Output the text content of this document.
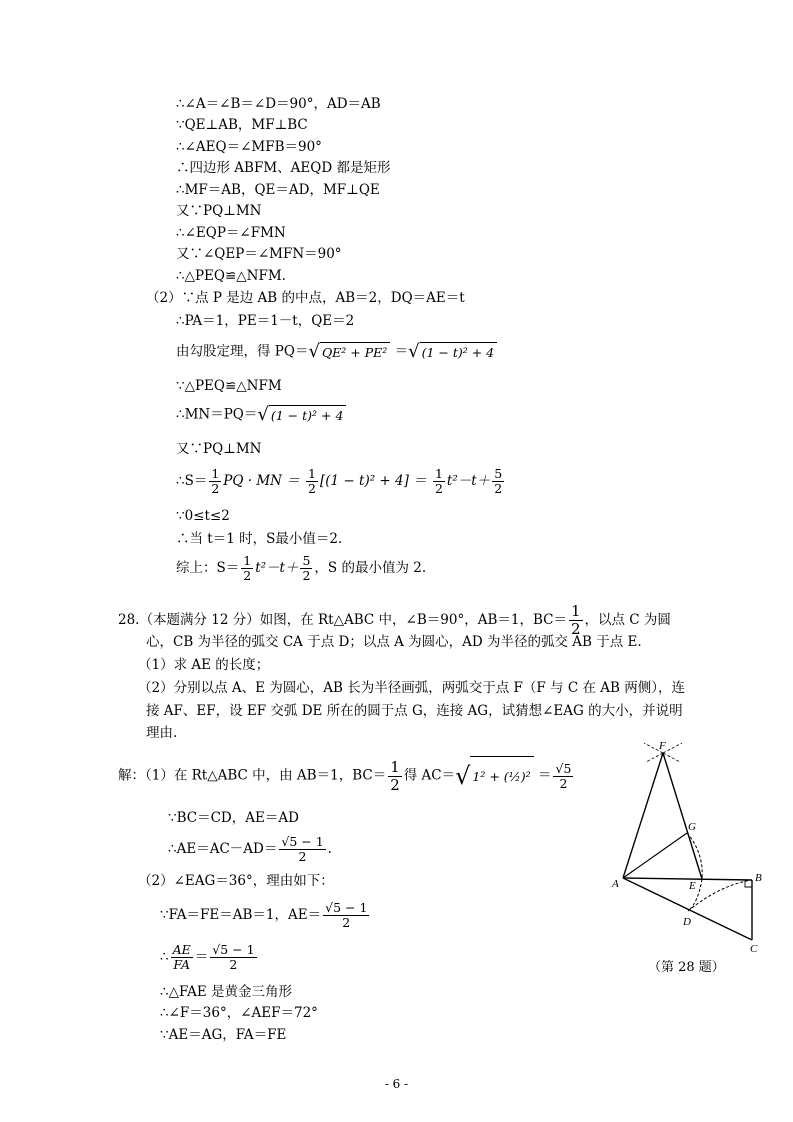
∴∠A＝∠B＝∠D＝90°，AD＝AB
∵QE⊥AB，MF⊥BC
∴∠AEQ＝∠MFB＝90°
∴四边形 ABFM、AEQD 都是矩形
∴MF＝AB，QE＝AD，MF⊥QE
又∵PQ⊥MN
∴∠EQP＝∠FMN
又∵∠QEP＝∠MFN＝90°
∴△PEQ≌△NFM.
（2）∵点 P 是边 AB 的中点，AB＝2，DQ＝AE＝t
∴PA＝1，PE＝1－t，QE＝2
由勾股定理，得 PQ＝√ QE² + PE² ＝√ (1 − t)² + 4
∵△PEQ≌△NFM
∴MN＝PQ＝√ (1 − t)² + 4
又∵PQ⊥MN
∴S＝ $\frac{1}{2}$ PQ · MN ＝ $\frac{1}{2} [(1 - t)^2 + 4] = \frac{1}{2} t^2-t+ \frac{5}{2}$
∵0≤t≤2
∴当 t＝1 时，S最小值＝2.
综上：$S= \frac{1}{2} t^2-t+ \frac{5}{2}$ ，S 的最小值为 2.
28.（本题满分 12 分）如图，在 Rt△ABC 中，∠B＝90°，AB＝1，$BC= \frac{1}{2}$ ，以点 C 为圆
心，CB 为半径的弧交 CA 于点 D；以点 A 为圆心，AD 为半径的弧交 AB 于点 E.
（1）求 AE 的长度；
（2）分别以点 A、E 为圆心，AB 长为半径画弧，两弧交于点 F（F 与 C 在 AB 两侧），连
接 AF、EF，设 EF 交弧 DE 所在的圆于点 G，连接 AG，试猜想∠EAG 的大小，并说明
理由.
解：（1）在 Rt△ABC 中，由 AB＝1，$BC= \frac{1}{2}$ 得 AC＝√ 1² + (½)² ＝ $\frac{√5}{2}$
∵BC＝CD，AE＝AD
∴AE＝AC－AD＝ $\frac{√5 - 1}{2}$ .
（2）∠EAG＝36°，理由如下：
∵FA＝FE＝AB＝1，$AE= \frac{√5 - 1}{2}$
∴ $\frac{AE}{FA} = \frac{√5 - 1}{2}$
∴△FAE 是黄金三角形
∴∠F＝36°，∠AEF＝72°
∵AE＝AG，FA＝FE
F
G
A	E
B
D
C
（第 28 题）
- 6 -
